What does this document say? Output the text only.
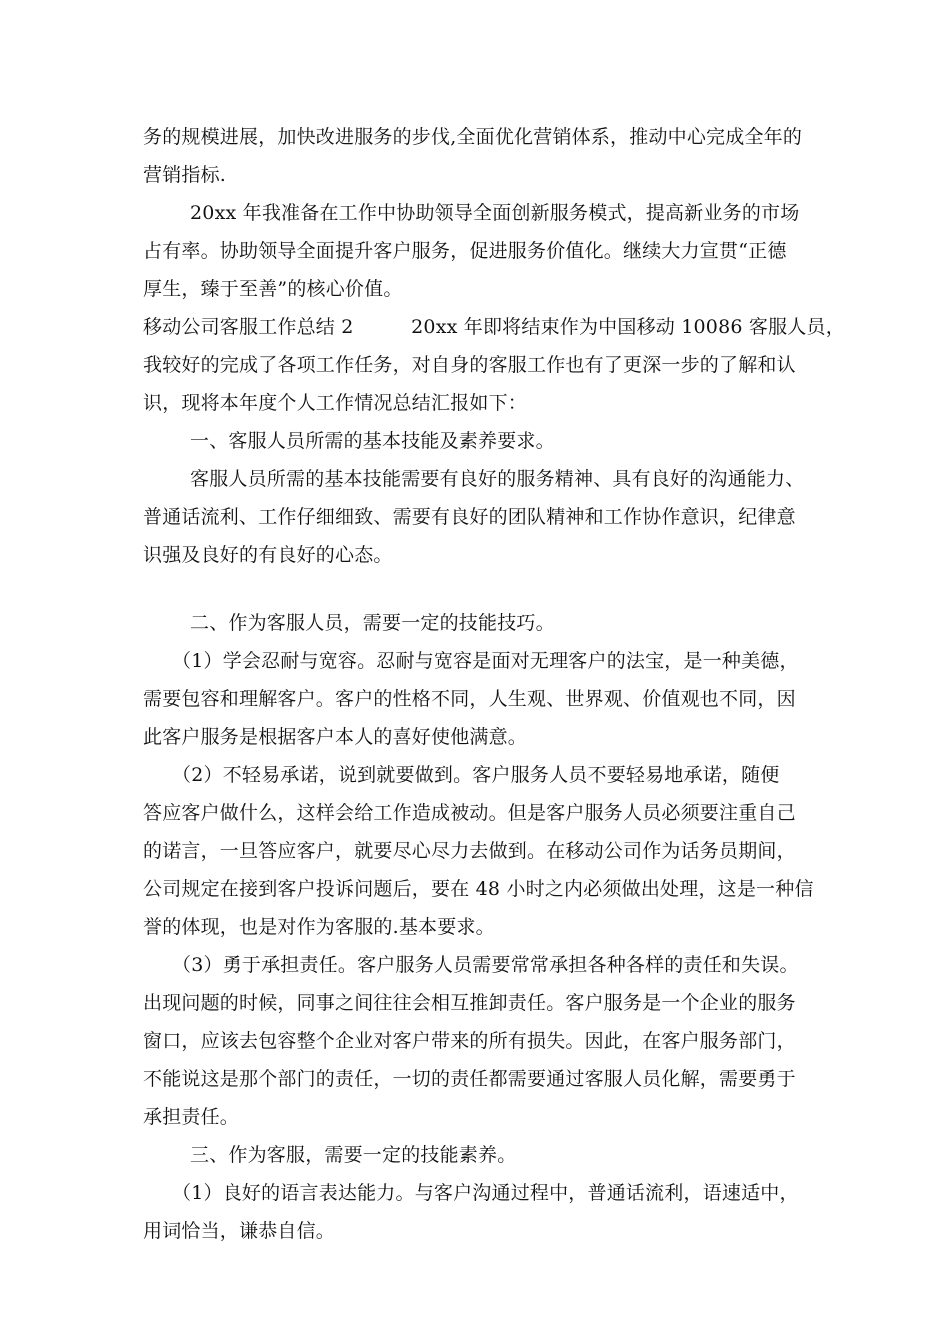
务的规模进展，加快改进服务的步伐,全面优化营销体系，推动中心完成全年的
营销指标.
20xx 年我准备在工作中协助领导全面创新服务模式，提高新业务的市场
占有率。协助领导全面提升客户服务，促进服务价值化。继续大力宣贯“正德
厚生，臻于至善”的核心价值。
移动公司客服工作总结 2　　　20xx 年即将结束作为中国移动 10086 客服人员，
我较好的完成了各项工作任务，对自身的客服工作也有了更深一步的了解和认
识，现将本年度个人工作情况总结汇报如下：
一、客服人员所需的基本技能及素养要求。
客服人员所需的基本技能需要有良好的服务精神、具有良好的沟通能力、
普通话流利、工作仔细细致、需要有良好的团队精神和工作协作意识，纪律意
识强及良好的有良好的心态。
二、作为客服人员，需要一定的技能技巧。
（1）学会忍耐与宽容。忍耐与宽容是面对无理客户的法宝，是一种美德，
需要包容和理解客户。客户的性格不同，人生观、世界观、价值观也不同，因
此客户服务是根据客户本人的喜好使他满意。
（2）不轻易承诺，说到就要做到。客户服务人员不要轻易地承诺，随便
答应客户做什么，这样会给工作造成被动。但是客户服务人员必须要注重自己
的诺言，一旦答应客户，就要尽心尽力去做到。在移动公司作为话务员期间，
公司规定在接到客户投诉问题后，要在 48 小时之内必须做出处理，这是一种信
誉的体现，也是对作为客服的.基本要求。
（3）勇于承担责任。客户服务人员需要常常承担各种各样的责任和失误。
出现问题的时候，同事之间往往会相互推卸责任。客户服务是一个企业的服务
窗口，应该去包容整个企业对客户带来的所有损失。因此，在客户服务部门，
不能说这是那个部门的责任，一切的责任都需要通过客服人员化解，需要勇于
承担责任。
三、作为客服，需要一定的技能素养。
（1）良好的语言表达能力。与客户沟通过程中，普通话流利，语速适中，
用词恰当，谦恭自信。
